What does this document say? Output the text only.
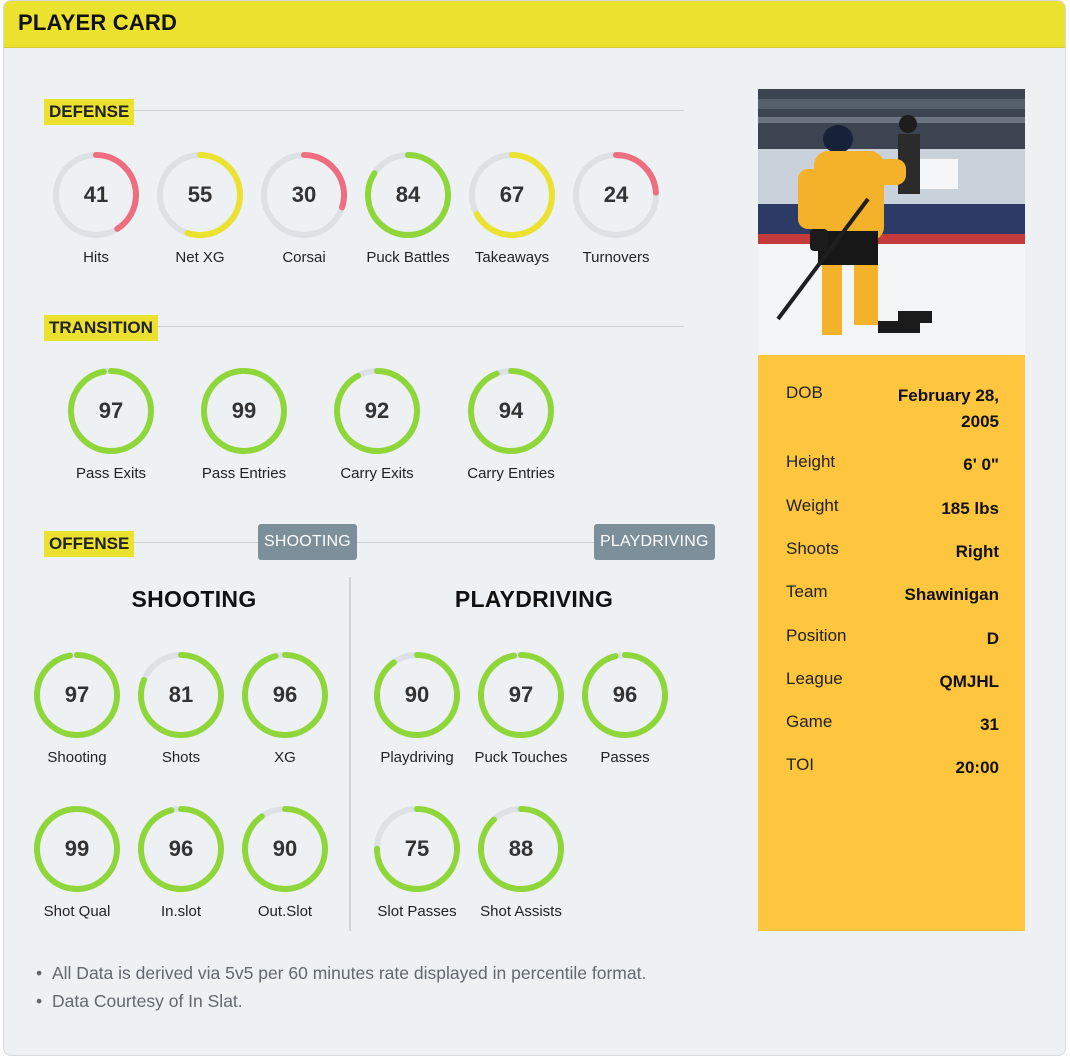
PLAYER CARD
DEFENSE
41
Hits
55
Net XG
30
Corsai
84
Puck Battles
67
Takeaways
24
Turnovers
TRANSITION
97
Pass Exits
99
Pass Entries
92
Carry Exits
94
Carry Entries
OFFENSE	SHOOTING	PLAYDRIVING
SHOOTING	PLAYDRIVING
97
Shooting
81
Shots
96
XG
99
Shot Qual
96
In.slot
90
Out.Slot
90
Playdriving
97
Puck Touches
96
Passes
75
Slot Passes
88
Shot Assists
DOB	February 28, 2005
Height	6' 0"
Weight	185 lbs
Shoots	Right
Team	Shawinigan
Position	D
League	QMJHL
Game	31
TOI	20:00
• All Data is derived via 5v5 per 60 minutes rate displayed in percentile format.
• Data Courtesy of In Slat.
